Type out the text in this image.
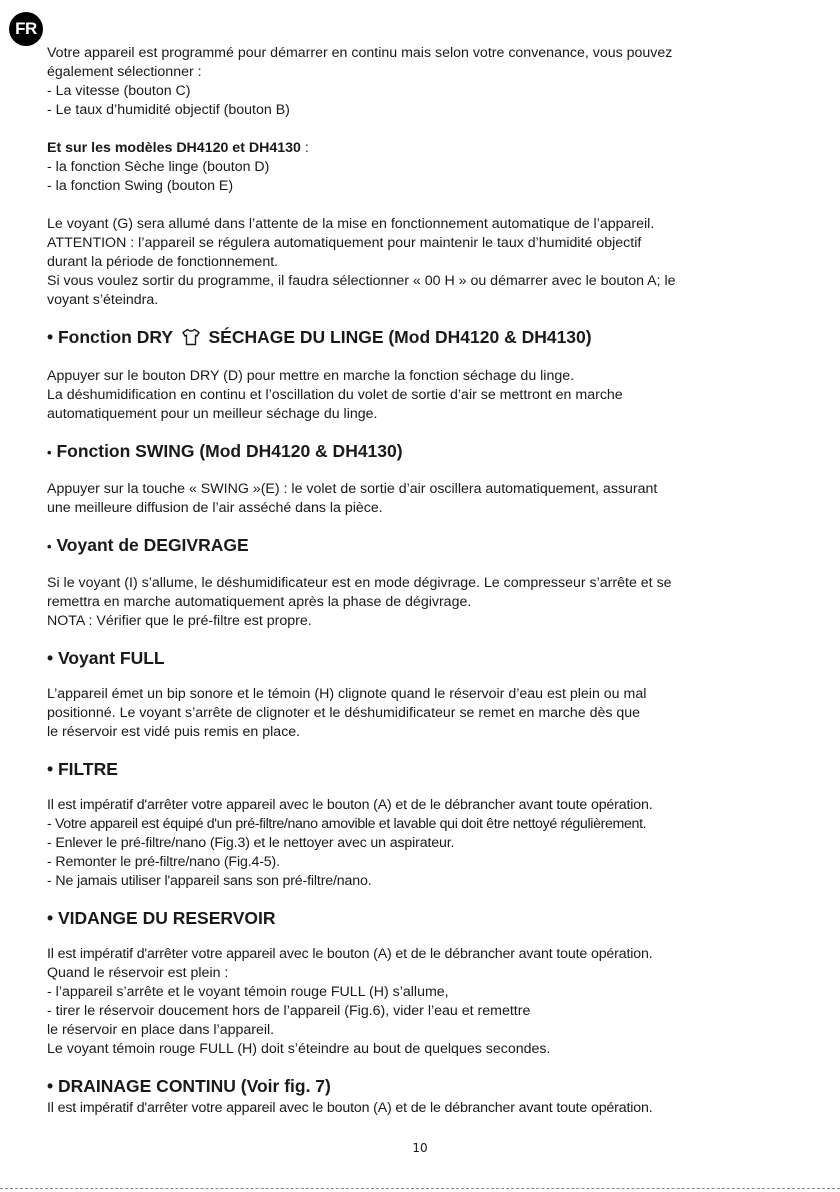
FR
Votre appareil est programmé pour démarrer en continu mais selon votre convenance, vous pouvez
également sélectionner :
- La vitesse (bouton C)
- Le taux d’humidité objectif (bouton B)
Et sur les modèles DH4120 et DH4130 :
- la fonction Sèche linge (bouton D)
- la fonction Swing (bouton E)
Le voyant (G) sera allumé dans l’attente de la mise en fonctionnement automatique de l’appareil.
ATTENTION : l’appareil se régulera automatiquement pour maintenir le taux d’humidité objectif
durant la période de fonctionnement.
Si vous voulez sortir du programme, il faudra sélectionner « 00 H » ou démarrer avec le bouton A; le
voyant s’éteindra.
• Fonction DRY SÉCHAGE DU LINGE (Mod DH4120 & DH4130)
Appuyer sur le bouton DRY (D) pour mettre en marche la fonction séchage du linge.
La déshumidification en continu et l’oscillation du volet de sortie d’air se mettront en marche
automatiquement pour un meilleur séchage du linge.
• Fonction SWING (Mod DH4120 & DH4130)
Appuyer sur la touche « SWING »(E) : le volet de sortie d’air oscillera automatiquement, assurant
une meilleure diffusion de l’air asséché dans la pièce.
• Voyant de DEGIVRAGE
Si le voyant (I) s’allume, le déshumidificateur est en mode dégivrage. Le compresseur s’arrête et se
remettra en marche automatiquement après la phase de dégivrage.
NOTA : Vérifier que le pré-filtre est propre.
• Voyant FULL
L’appareil émet un bip sonore et le témoin (H) clignote quand le réservoir d’eau est plein ou mal
positionné. Le voyant s’arrête de clignoter et le déshumidificateur se remet en marche dès que
le réservoir est vidé puis remis en place.
• FILTRE
Il est impératif d'arrêter votre appareil avec le bouton (A) et de le débrancher avant toute opération.
- Votre appareil est équipé d'un pré-filtre/nano amovible et lavable qui doit être nettoyé régulièrement.
- Enlever le pré-filtre/nano (Fig.3) et le nettoyer avec un aspirateur.
- Remonter le pré-filtre/nano (Fig.4-5).
- Ne jamais utiliser l'appareil sans son pré-filtre/nano.
• VIDANGE DU RESERVOIR
Il est impératif d'arrêter votre appareil avec le bouton (A) et de le débrancher avant toute opération.
Quand le réservoir est plein :
- l’appareil s’arrête et le voyant témoin rouge FULL (H) s’allume,
- tirer le réservoir doucement hors de l’appareil (Fig.6), vider l’eau et remettre
le réservoir en place dans l’appareil.
Le voyant témoin rouge FULL (H) doit s’éteindre au bout de quelques secondes.
• DRAINAGE CONTINU (Voir fig. 7)
Il est impératif d'arrêter votre appareil avec le bouton (A) et de le débrancher avant toute opération.
10
